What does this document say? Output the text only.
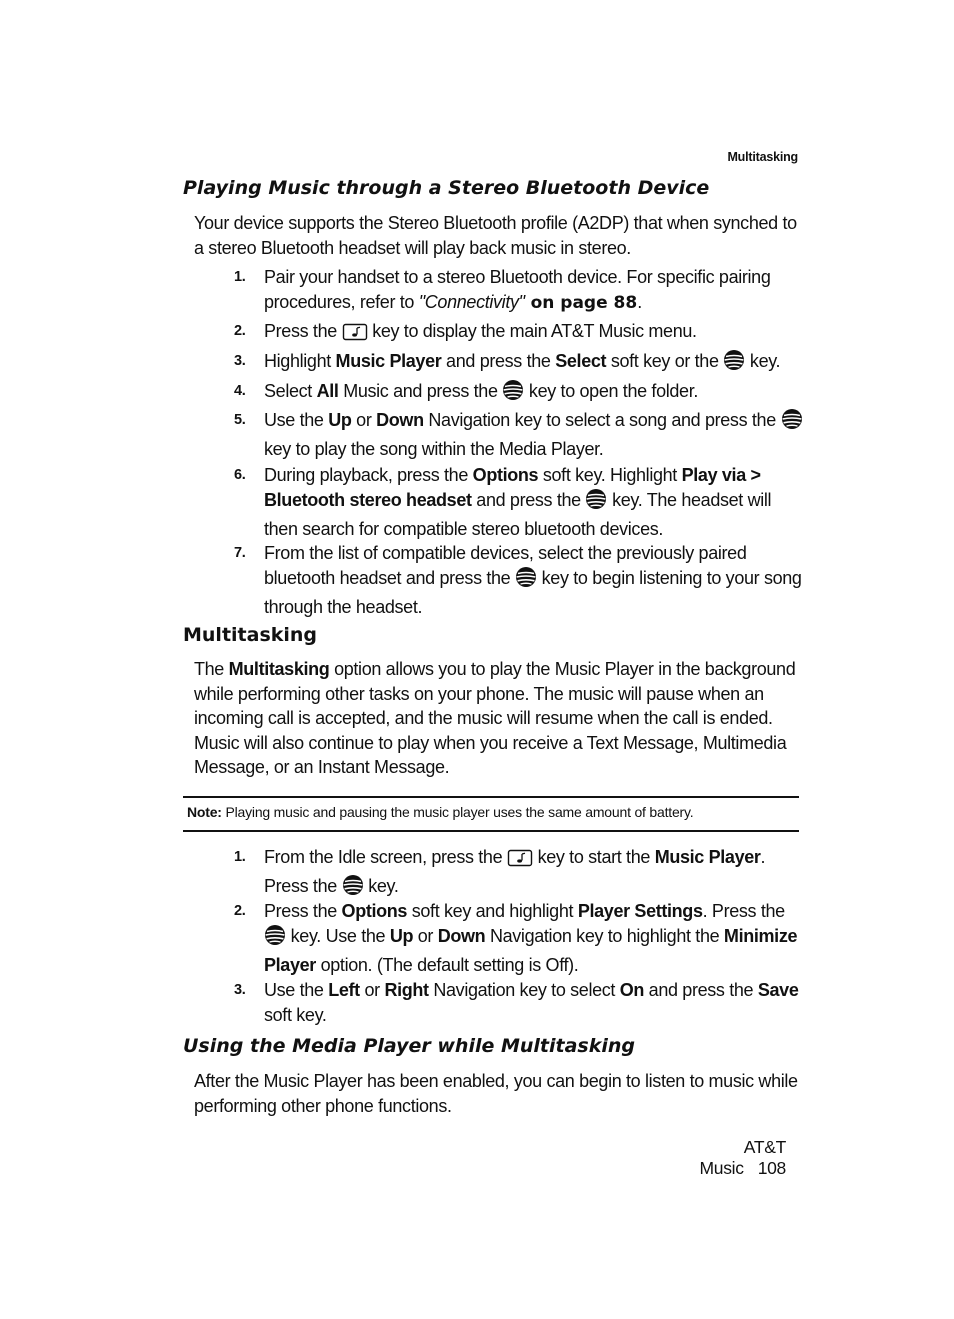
Multitasking
Playing Music through a Stereo Bluetooth Device

Your device supports the Stereo Bluetooth profile (A2DP) that when synched to a stereo Bluetooth headset will play back music in stereo.

1. Pair your handset to a stereo Bluetooth device. For specific pairing procedures, refer to "Connectivity" on page 88.
2. Press the  key to display the main AT&T Music menu.
3. Highlight Music Player and press the Select soft key or the  key.
4. Select All Music and press the  key to open the folder.
5. Use the Up or Down Navigation key to select a song and press the  key to play the song within the Media Player.
6. During playback, press the Options soft key. Highlight Play via > Bluetooth stereo headset and press the  key. The headset will then search for compatible stereo bluetooth devices.
7. From the list of compatible devices, select the previously paired bluetooth headset and press the  key to begin listening to your song through the headset.
Multitasking

The Multitasking option allows you to play the Music Player in the background while performing other tasks on your phone. The music will pause when an incoming call is accepted, and the music will resume when the call is ended. Music will also continue to play when you receive a Text Message, Multimedia Message, or an Instant Message.

Note: Playing music and pausing the music player uses the same amount of battery.
1. From the Idle screen, press the  key to start the Music Player. Press the  key.
2. Press the Options soft key and highlight Player Settings. Press the  key. Use the Up or Down Navigation key to highlight the Minimize Player option. (The default setting is Off).
3. Use the Left or Right Navigation key to select On and press the Save soft key.
Using the Media Player while Multitasking

After the Music Player has been enabled, you can begin to listen to music while performing other phone functions.

AT&T Music 108
